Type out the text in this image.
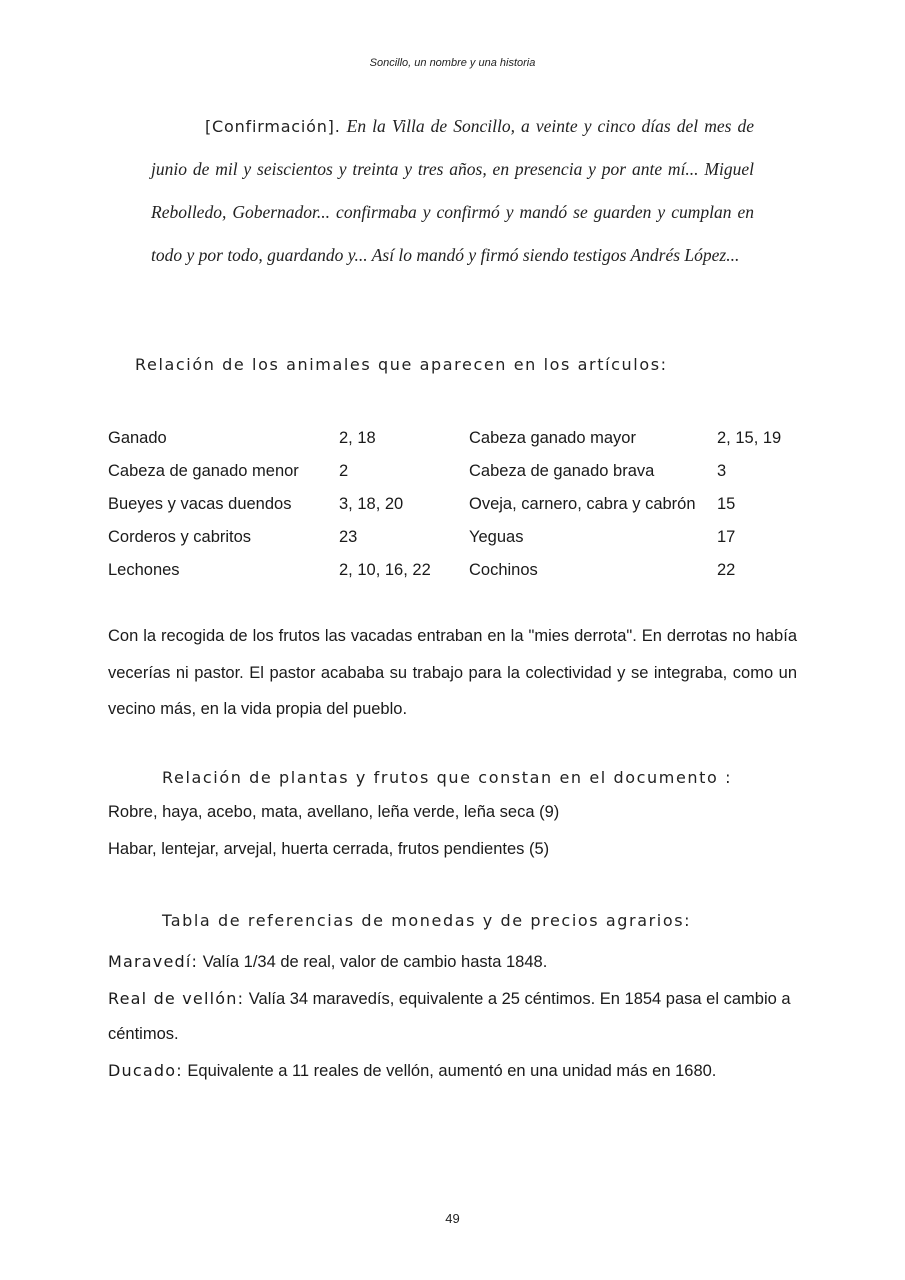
Soncillo, un nombre y una historia
[Confirmación]. En la Villa de Soncillo, a veinte y cinco días del mes de junio de mil y seiscientos y treinta y tres años, en presencia y por ante mí... Miguel Rebolledo, Gobernador... confirmaba y confirmó y mandó se guarden y cumplan en todo y por todo, guardando y... Así lo mandó y firmó siendo testigos Andrés López...
Relación de los animales que aparecen en los artículos:
Ganado	2, 18	Cabeza ganado mayor	2, 15, 19
Cabeza de ganado menor	2	Cabeza de ganado brava	3
Bueyes y vacas duendos	3, 18, 20	Oveja, carnero, cabra y cabrón	15
Corderos y cabritos	23	Yeguas	17
Lechones	2, 10, 16, 22	Cochinos	22
Con la recogida de los frutos las vacadas entraban en la "mies derrota". En derrotas no había vecerías ni pastor. El pastor acababa su trabajo para la colectividad y se integraba, como un vecino más, en la vida propia del pueblo.
Relación de plantas y frutos que constan en el documento :
Robre, haya, acebo, mata, avellano, leña verde, leña seca (9)
Habar, lentejar, arvejal, huerta cerrada, frutos pendientes (5)
Tabla de referencias de monedas y de precios agrarios:
Maravedí: Valía 1/34 de real, valor de cambio hasta 1848.
Real de vellón: Valía 34 maravedís, equivalente a 25 céntimos. En 1854 pasa el cambio a céntimos.
Ducado: Equivalente a 11 reales de vellón, aumentó en una unidad más en 1680.
49
